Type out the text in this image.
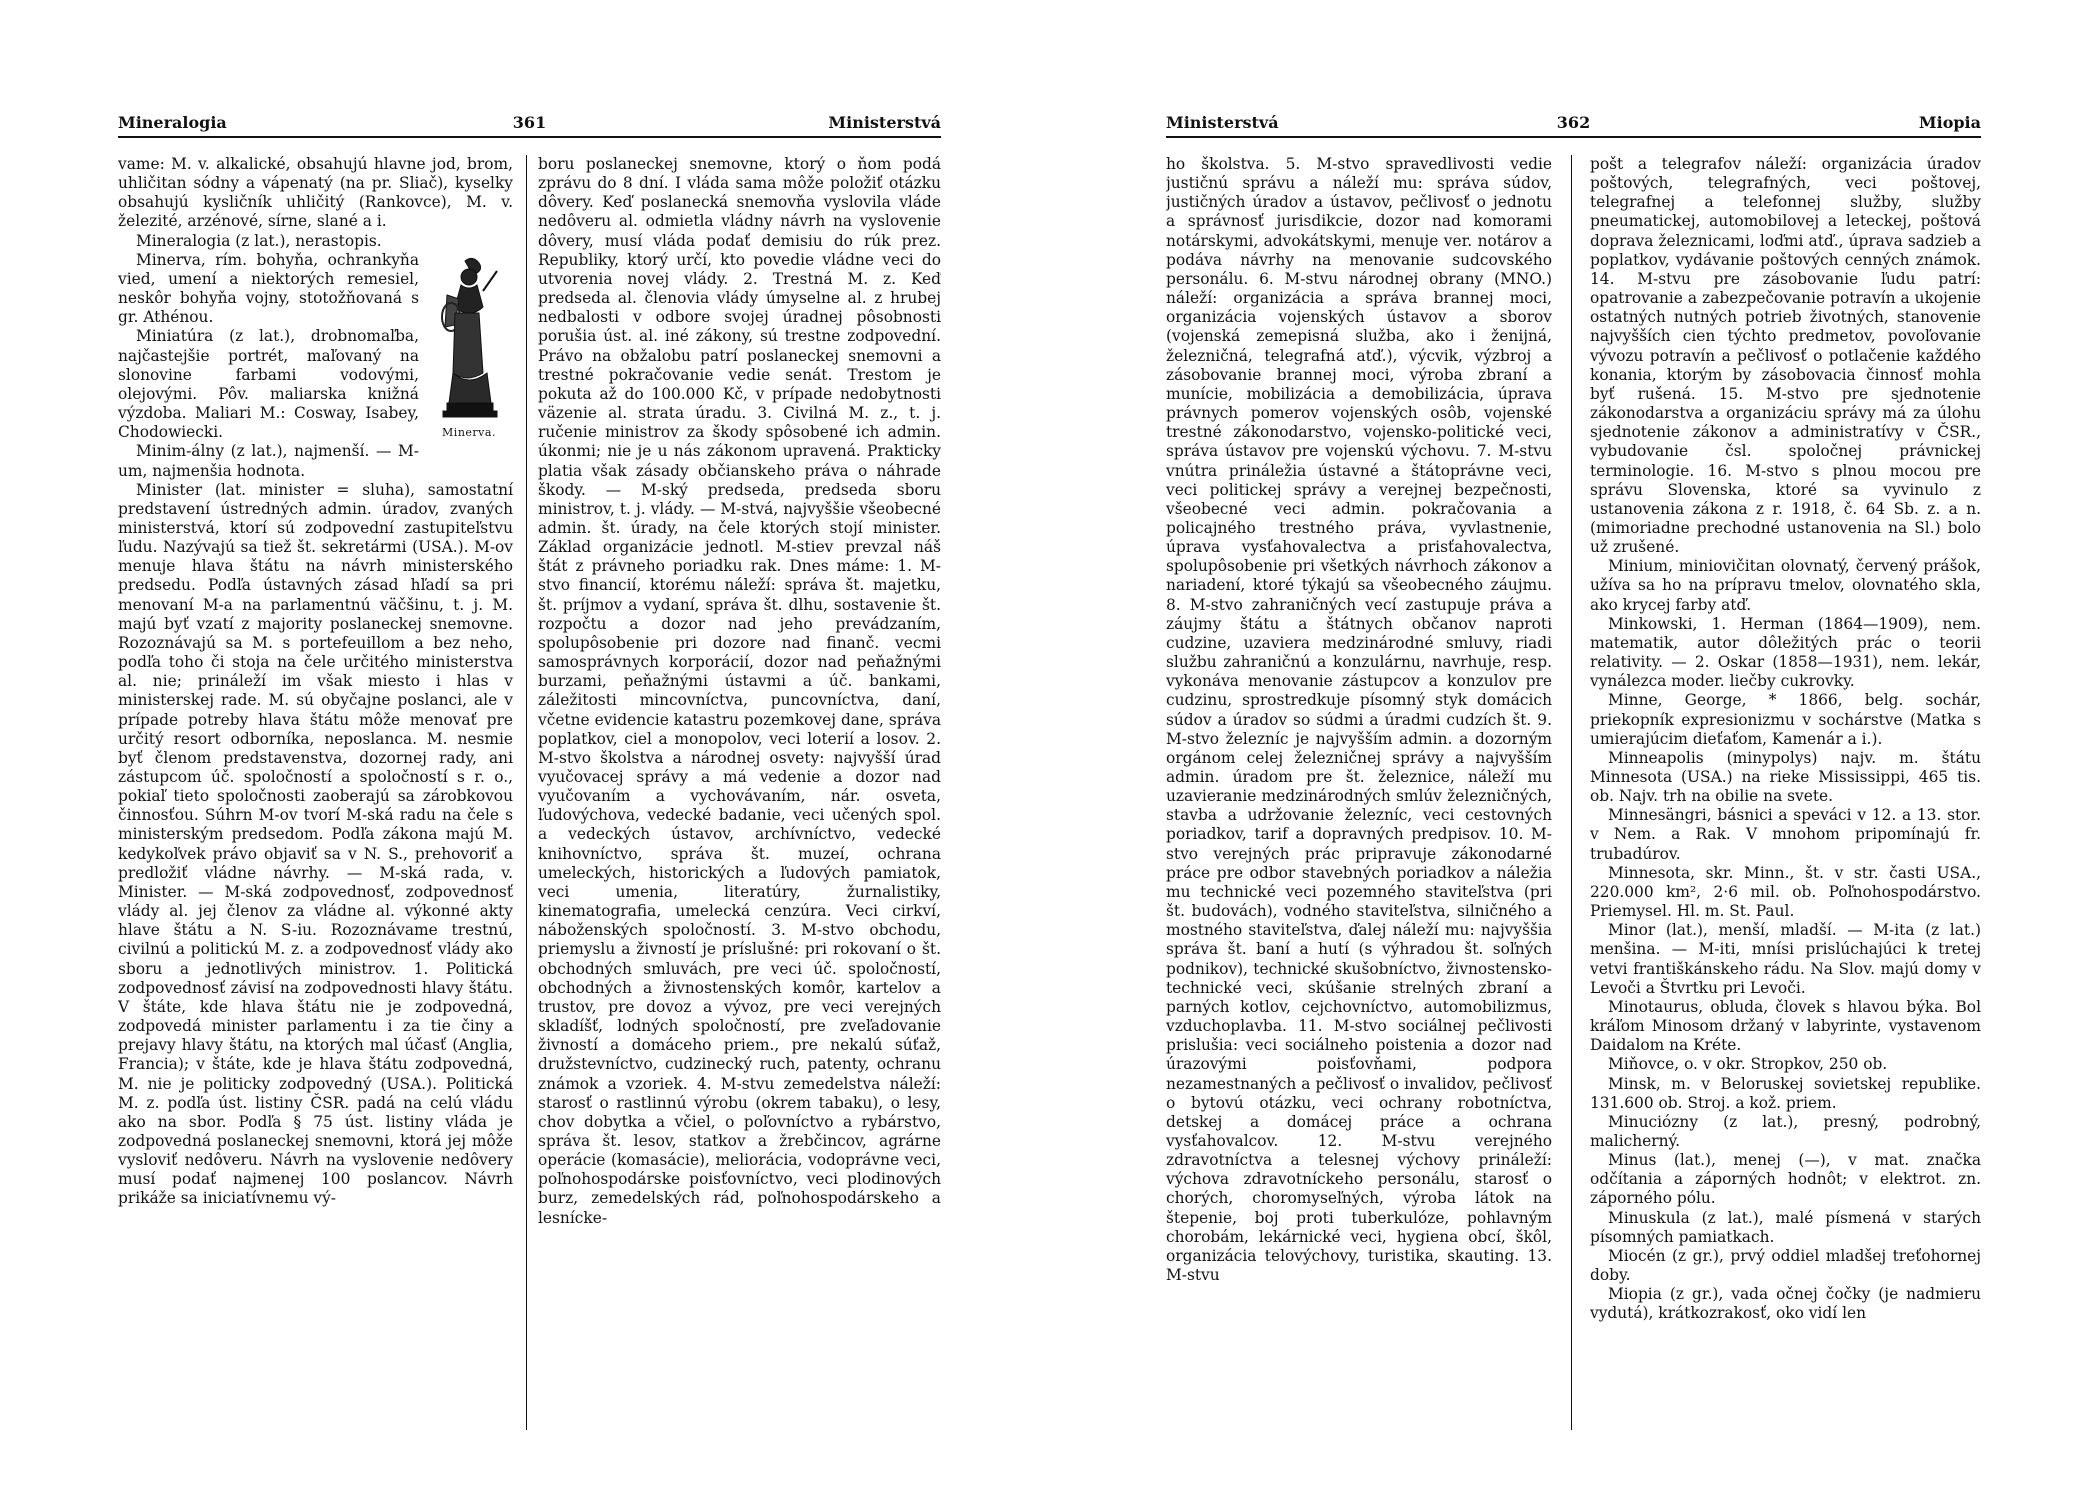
Mineralogia	361	Ministerstvá

vame: M. v. alkalické, obsahujú hlavne jod, brom, uhličitan sódny a vápenatý (na pr. Sliač), kyselky obsahujú kysličník uhličitý (Rankovce), M. v. železité, arzénové, sírne, slané a i.

Mineralogia (z lat.), nerastopis.

Minerva.

Minerva, rím. bohyňa, ochrankyňa vied, umení a niektorých remesiel, neskôr bohyňa vojny, stotožňovaná s gr. Athénou.

Miniatúra (z lat.), drobnomaľba, najčastejšie portrét, maľovaný na slonovine farbami vodovými, olejovými. Pôv. maliarska knižná výzdoba. Maliari M.: Cosway, Isabey, Chodowiecki.

Minim-álny (z lat.), najmenší. — M-um, najmenšia hodnota.

Minister (lat. minister = sluha), samostatní predstavení ústredných admin. úradov, zvaných ministerstvá, ktorí sú zodpovední zastupiteľstvu ľudu. Nazývajú sa tiež št. sekretármi (USA.). M-ov menuje hlava štátu na návrh ministerského predsedu. Podľa ústavných zásad hľadí sa pri menovaní M-a na parlamentnú väčšinu, t. j. M. majú byť vzatí z majority poslaneckej snemovne. Rozoznávajú sa M. s portefeuillom a bez neho, podľa toho či stoja na čele určitého ministerstva al. nie; prináleží im však miesto i hlas v ministerskej rade. M. sú obyčajne poslanci, ale v prípade potreby hlava štátu môže menovať pre určitý resort odborníka, neposlanca. M. nesmie byť členom predstavenstva, dozornej rady, ani zástupcom úč. spoločností a spoločností s r. o., pokiaľ tieto spoločnosti zaoberajú sa zárobkovou činnosťou. Súhrn M-ov tvorí M-ská radu na čele s ministerským predsedom. Podľa zákona majú M. kedykoľvek právo objaviť sa v N. S., prehovoriť a predložiť vládne návrhy. — M-ská rada, v. Minister. — M-ská zodpovednosť, zodpovednosť vlády al. jej členov za vládne al. výkonné akty hlave štátu a N. S-iu. Rozoznávame trestnú, civilnú a politickú M. z. a zodpovednosť vlády ako sboru a jednotlivých ministrov. 1. Politická zodpovednosť závisí na zodpovednosti hlavy štátu. V štáte, kde hlava štátu nie je zodpovedná, zodpovedá minister parlamentu i za tie činy a prejavy hlavy štátu, na ktorých mal účasť (Anglia, Francia); v štáte, kde je hlava štátu zodpovedná, M. nie je politicky zodpovedný (USA.). Politická M. z. podľa úst. listiny ČSR. padá na celú vládu ako na sbor. Podľa § 75 úst. listiny vláda je zodpovedná poslaneckej snemovni, ktorá jej môže vysloviť nedôveru. Návrh na vyslovenie nedôvery musí podať najmenej 100 poslancov. Návrh prikáže sa iniciatívnemu vý-

boru poslaneckej snemovne, ktorý o ňom podá zprávu do 8 dní. I vláda sama môže položiť otázku dôvery. Keď poslanecká snemovňa vyslovila vláde nedôveru al. odmietla vládny návrh na vyslovenie dôvery, musí vláda podať demisiu do rúk prez. Republiky, ktorý určí, kto povedie vládne veci do utvorenia novej vlády. 2. Trestná M. z. Keď predseda al. členovia vlády úmyselne al. z hrubej nedbalosti v odbore svojej úradnej pôsobnosti porušia úst. al. iné zákony, sú trestne zodpovední. Právo na obžalobu patrí poslaneckej snemovni a trestné pokračovanie vedie senát. Trestom je pokuta až do 100.000 Kč, v prípade nedobytnosti väzenie al. strata úradu. 3. Civilná M. z., t. j. ručenie ministrov za škody spôsobené ich admin. úkonmi; nie je u nás zákonom upravená. Prakticky platia však zásady občianskeho práva o náhrade škody. — M-ský predseda, predseda sboru ministrov, t. j. vlády. — M-stvá, najvyššie všeobecné admin. št. úrady, na čele ktorých stojí minister. Základ organizácie jednotl. M-stiev prevzal náš štát z právneho poriadku rak. Dnes máme: 1. M-stvo financií, ktorému náleží: správa št. majetku, št. príjmov a vydaní, správa št. dlhu, sostavenie št. rozpočtu a dozor nad jeho prevádzaním, spolupôsobenie pri dozore nad finanč. vecmi samosprávnych korporácií, dozor nad peňažnými burzami, peňažnými ústavmi a úč. bankami, záležitosti mincovníctva, puncovníctva, daní, včetne evidencie katastru pozemkovej dane, správa poplatkov, ciel a monopolov, veci loterií a losov. 2. M-stvo školstva a národnej osvety: najvyšší úrad vyučovacej správy a má vedenie a dozor nad vyučovaním a vychovávaním, nár. osveta, ľudovýchova, vedecké badanie, veci učených spol. a vedeckých ústavov, archívníctvo, vedecké knihovníctvo, správa št. muzeí, ochrana umeleckých, historických a ľudových pamiatok, veci umenia, literatúry, žurnalistiky, kinematografia, umelecká cenzúra. Veci cirkví, náboženských spoločností. 3. M-stvo obchodu, priemyslu a živností je príslušné: pri rokovaní o št. obchodných smluvách, pre veci úč. spoločností, obchodných a živnostenských komôr, kartelov a trustov, pre dovoz a vývoz, pre veci verejných skladíšť, lodných spoločností, pre zveľadovanie živností a domáceho priem., pre nekalú súťaž, družstevníctvo, cudzinecký ruch, patenty, ochranu známok a vzoriek. 4. M-stvu zemedelstva náleží: starosť o rastlinnú výrobu (okrem tabaku), o lesy, chov dobytka a včiel, o poľovníctvo a rybárstvo, správa št. lesov, statkov a žrebčincov, agrárne operácie (komasácie), meliorácia, vodoprávne veci, poľnohospodárske poisťovníctvo, veci plodinových burz, zemedelských rád, poľnohospodárskeho a lesnícke-

Ministerstvá	362	Miopia

ho školstva. 5. M-stvo spravedlivosti vedie justičnú správu a náleží mu: správa súdov, justičných úradov a ústavov, pečlivosť o jednotu a správnosť jurisdikcie, dozor nad komorami notárskymi, advokátskymi, menuje ver. notárov a podáva návrhy na menovanie sudcovského personálu. 6. M-stvu národnej obrany (MNO.) náleží: organizácia a správa brannej moci, organizácia vojenských ústavov a sborov (vojenská zemepisná služba, ako i ženijná, železničná, telegrafná atď.), výcvik, výzbroj a zásobovanie brannej moci, výroba zbraní a munície, mobilizácia a demobilizácia, úprava právnych pomerov vojenských osôb, vojenské trestné zákonodarstvo, vojensko-politické veci, správa ústavov pre vojenskú výchovu. 7. M-stvu vnútra prináležia ústavné a štátoprávne veci, veci politickej správy a verejnej bezpečnosti, všeobecné veci admin. pokračovania a policajného trestného práva, vyvlastnenie, úprava vysťahovalectva a prisťahovalectva, spolupôsobenie pri všetkých návrhoch zákonov a nariadení, ktoré týkajú sa všeobecného záujmu. 8. M-stvo zahraničných vecí zastupuje práva a záujmy štátu a štátnych občanov naproti cudzine, uzaviera medzinárodné smluvy, riadi službu zahraničnú a konzulárnu, navrhuje, resp. vykonáva menovanie zástupcov a konzulov pre cudzinu, sprostredkuje písomný styk domácich súdov a úradov so súdmi a úradmi cudzích št. 9. M-stvo železníc je najvyšším admin. a dozorným orgánom celej železničnej správy a najvyšším admin. úradom pre št. železnice, náleží mu uzavieranie medzinárodných smlúv železničných, stavba a udržovanie železníc, veci cestovných poriadkov, tarif a dopravných predpisov. 10. M-stvo verejných prác pripravuje zákonodarné práce pre odbor stavebných poriadkov a náležia mu technické veci pozemného staviteľstva (pri št. budovách), vodného staviteľstva, silničného a mostného staviteľstva, ďalej náleží mu: najvyššia správa št. baní a hutí (s výhradou št. soľných podnikov), technické skušobníctvo, živnostensko-technické veci, skúšanie strelných zbraní a parných kotlov, cejchovníctvo, automobilizmus, vzduchoplavba. 11. M-stvo sociálnej pečlivosti prislušia: veci sociálneho poistenia a dozor nad úrazovými poisťovňami, podpora nezamestnaných a pečlivosť o invalidov, pečlivosť o bytovú otázku, veci ochrany robotníctva, detskej a domácej práce a ochrana vysťahovalcov. 12. M-stvu verejného zdravotníctva a telesnej výchovy prináleží: výchova zdravotníckeho personálu, starosť o chorých, choromyseľných, výroba látok na štepenie, boj proti tuberkulóze, pohlavným chorobám, lekárnické veci, hygiena obcí, škôl, organizácia telovýchovy, turistika, skauting. 13. M-stvu

pošt a telegrafov náleží: organizácia úradov poštových, telegrafných, veci poštovej, telegrafnej a telefonnej služby, služby pneumatickej, automobilovej a leteckej, poštová doprava železnicami, loďmi atď., úprava sadzieb a poplatkov, vydávanie poštových cenných známok. 14. M-stvu pre zásobovanie ľudu patrí: opatrovanie a zabezpečovanie potravín a ukojenie ostatných nutných potrieb životných, stanovenie najvyšších cien týchto predmetov, povoľovanie vývozu potravín a pečlivosť o potlačenie každého konania, ktorým by zásobovacia činnosť mohla byť rušená. 15. M-stvo pre sjednotenie zákonodarstva a organizáciu správy má za úlohu sjednotenie zákonov a administratívy v ČSR., vybudovanie čsl. spoločnej právnickej terminologie. 16. M-stvo s plnou mocou pre správu Slovenska, ktoré sa vyvinulo z ustanovenia zákona z r. 1918, č. 64 Sb. z. a n. (mimoriadne prechodné ustanovenia na Sl.) bolo už zrušené.

Minium, miniovičitan olovnatý, červený prášok, užíva sa ho na prípravu tmelov, olovnatého skla, ako krycej farby atď.

Minkowski, 1. Herman (1864—1909), nem. matematik, autor dôležitých prác o teorii relativity. — 2. Oskar (1858—1931), nem. lekár, vynálezca moder. liečby cukrovky.

Minne, George, * 1866, belg. sochár, priekopník expresionizmu v sochárstve (Matka s umierajúcim dieťaťom, Kamenár a i.).

Minneapolis (minypolys) najv. m. štátu Minnesota (USA.) na rieke Mississippi, 465 tis. ob. Najv. trh na obilie na svete.

Minnesängri, básnici a speváci v 12. a 13. stor. v Nem. a Rak. V mnohom pripomínajú fr. trubadúrov.

Minnesota, skr. Minn., št. v str. časti USA., 220.000 km², 2·6 mil. ob. Poľnohospodárstvo. Priemysel. Hl. m. St. Paul.

Minor (lat.), menší, mladší. — M-ita (z lat.) menšina. — M-iti, mnísi prislúchajúci k tretej vetvi františkánskeho rádu. Na Slov. majú domy v Levoči a Štvrtku pri Levoči.

Minotaurus, obluda, človek s hlavou býka. Bol kráľom Minosom držaný v labyrinte, vystavenom Daidalom na Kréte.

Miňovce, o. v okr. Stropkov, 250 ob.

Minsk, m. v Beloruskej sovietskej republike. 131.600 ob. Stroj. a kož. priem.

Minuciózny (z lat.), presný, podrobný, malicherný.

Minus (lat.), menej (—), v mat. značka odčítania a záporných hodnôt; v elektrot. zn. záporného pólu.

Minuskula (z lat.), malé písmená v starých písomných pamiatkach.

Miocén (z gr.), prvý oddiel mladšej treťohornej doby.

Miopia (z gr.), vada očnej čočky (je nadmieru vydutá), krátkozrakosť, oko vidí len
